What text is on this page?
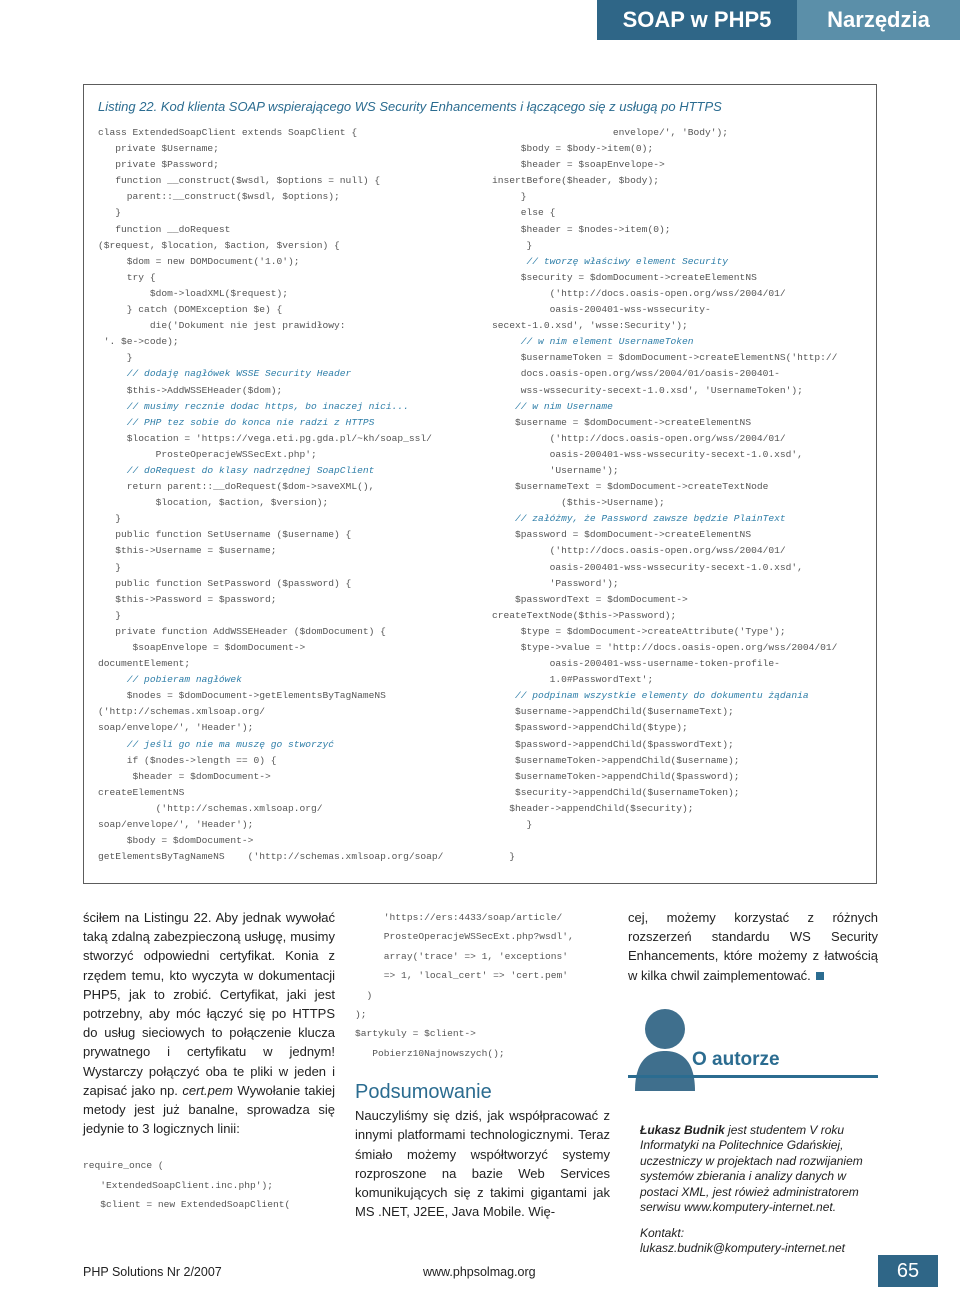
SOAP w PHP5	Narzędzia
Listing 22. Kod klienta SOAP wspierającego WS Security Enhancements i łączącego się z usługą po HTTPS
class ExtendedSoapClient extends SoapClient {
private $Username;
private $Password;
function __construct($wsdl, $options = null) {
parent::__construct($wsdl, $options);
}
function __doRequest
($request, $location, $action, $version) {
$dom = new DOMDocument('1.0');
try {
$dom->loadXML($request);
} catch (DOMException $e) {
die('Dokument nie jest prawidłowy:
'. $e->code);
}
// dodaję nagłówek WSSE Security Header
$this->AddWSSEHeader($dom);
// musimy recznie dodac https, bo inaczej nici...
// PHP tez sobie do konca nie radzi z HTTPS
$location = 'https://vega.eti.pg.gda.pl/~kh/soap_ssl/
ProsteOperacjeWSSecExt.php';
// doRequest do klasy nadrzędnej SoapClient
return parent::__doRequest($dom->saveXML(),
$location, $action, $version);
}
public function SetUsername ($username) {
$this->Username = $username;
}
public function SetPassword ($password) {
$this->Password = $password;
}
private function AddWSSEHeader ($domDocument) {
$soapEnvelope = $domDocument->
documentElement;
// pobieram nagłówek
$nodes = $domDocument->getElementsByTagNameNS
('http://schemas.xmlsoap.org/
soap/envelope/', 'Header');
// jeśli go nie ma muszę go stworzyć
if ($nodes->length == 0) {
$header = $domDocument->
createElementNS
('http://schemas.xmlsoap.org/
soap/envelope/', 'Header');
$body = $domDocument->
getElementsByTagNameNS    ('http://schemas.xmlsoap.org/soap/
envelope/', 'Body');
$body = $body->item(0);
$header = $soapEnvelope->
insertBefore($header, $body);
}
else {
$header = $nodes->item(0);
}
// tworzę właściwy element Security
$security = $domDocument->createElementNS
('http://docs.oasis-open.org/wss/2004/01/
oasis-200401-wss-wssecurity-
secext-1.0.xsd', 'wsse:Security');
// w nim element UsernameToken
$usernameToken = $domDocument->createElementNS('http://
docs.oasis-open.org/wss/2004/01/oasis-200401-
wss-wssecurity-secext-1.0.xsd', 'UsernameToken');
// w nim Username
$username = $domDocument->createElementNS
('http://docs.oasis-open.org/wss/2004/01/
oasis-200401-wss-wssecurity-secext-1.0.xsd',
'Username');
$usernameText = $domDocument->createTextNode
($this->Username);
// załóżmy, że Password zawsze będzie PlainText
$password = $domDocument->createElementNS
('http://docs.oasis-open.org/wss/2004/01/
oasis-200401-wss-wssecurity-secext-1.0.xsd',
'Password');
$passwordText = $domDocument->
createTextNode($this->Password);
$type = $domDocument->createAttribute('Type');
$type->value = 'http://docs.oasis-open.org/wss/2004/01/
oasis-200401-wss-username-token-profile-
1.0#PasswordText';
// podpinam wszystkie elementy do dokumentu żądania
$username->appendChild($usernameText);
$password->appendChild($type);
$password->appendChild($passwordText);
$usernameToken->appendChild($username);
$usernameToken->appendChild($password);
$security->appendChild($usernameToken);
$header->appendChild($security);
}

}
ściłem na Listingu 22. Aby jednak wywołać taką zdalną zabezpieczoną usługę, musimy stworzyć odpowiedni certyfikat. Konia z rzędem temu, kto wyczyta w dokumentacji PHP5, jak to zrobić. Certyfikat, jaki jest potrzebny, aby móc łączyć się po HTTPS do usług sieciowych to połączenie klucza prywatnego i certyfikatu w jednym! Wystarczy połączyć oba te pliki w jeden i zapisać jako np. cert.pem Wywołanie takiej metody jest już banalne, sprowadza się jedynie to 3 logicznych linii:
require_once (
'ExtendedSoapClient.inc.php');
$client = new ExtendedSoapClient(
'https://ers:4433/soap/article/
ProsteOperacjeWSSecExt.php?wsdl',
array('trace' => 1, 'exceptions'
=> 1, 'local_cert' => 'cert.pem'
)
);
$artykuly = $client->
Pobierz10Najnowszych();
Podsumowanie
Nauczyliśmy się dziś, jak współpracować z innymi platformami technologicznymi. Teraz śmiało możemy współtworzyć systemy rozproszone na bazie Web Services komunikujących się z takimi gigantami jak MS .NET, J2EE, Java Mobile. Wię-
cej, możemy korzystać z różnych rozszerzeń standardu WS Security Enhancements, które możemy z łatwością w kilka chwil zaimplementować.
O autorze
Łukasz Budnik jest studentem V roku Informatyki na Politechnice Gdańskiej, uczestniczy w projektach nad rozwijaniem systemów zbierania i analizy danych w postaci XML, jest rówież administratorem serwisu www.komputery-internet.net.
Kontakt:
lukasz.budnik@komputery-internet.net
PHP Solutions Nr 2/2007	www.phpsolmag.org	65
